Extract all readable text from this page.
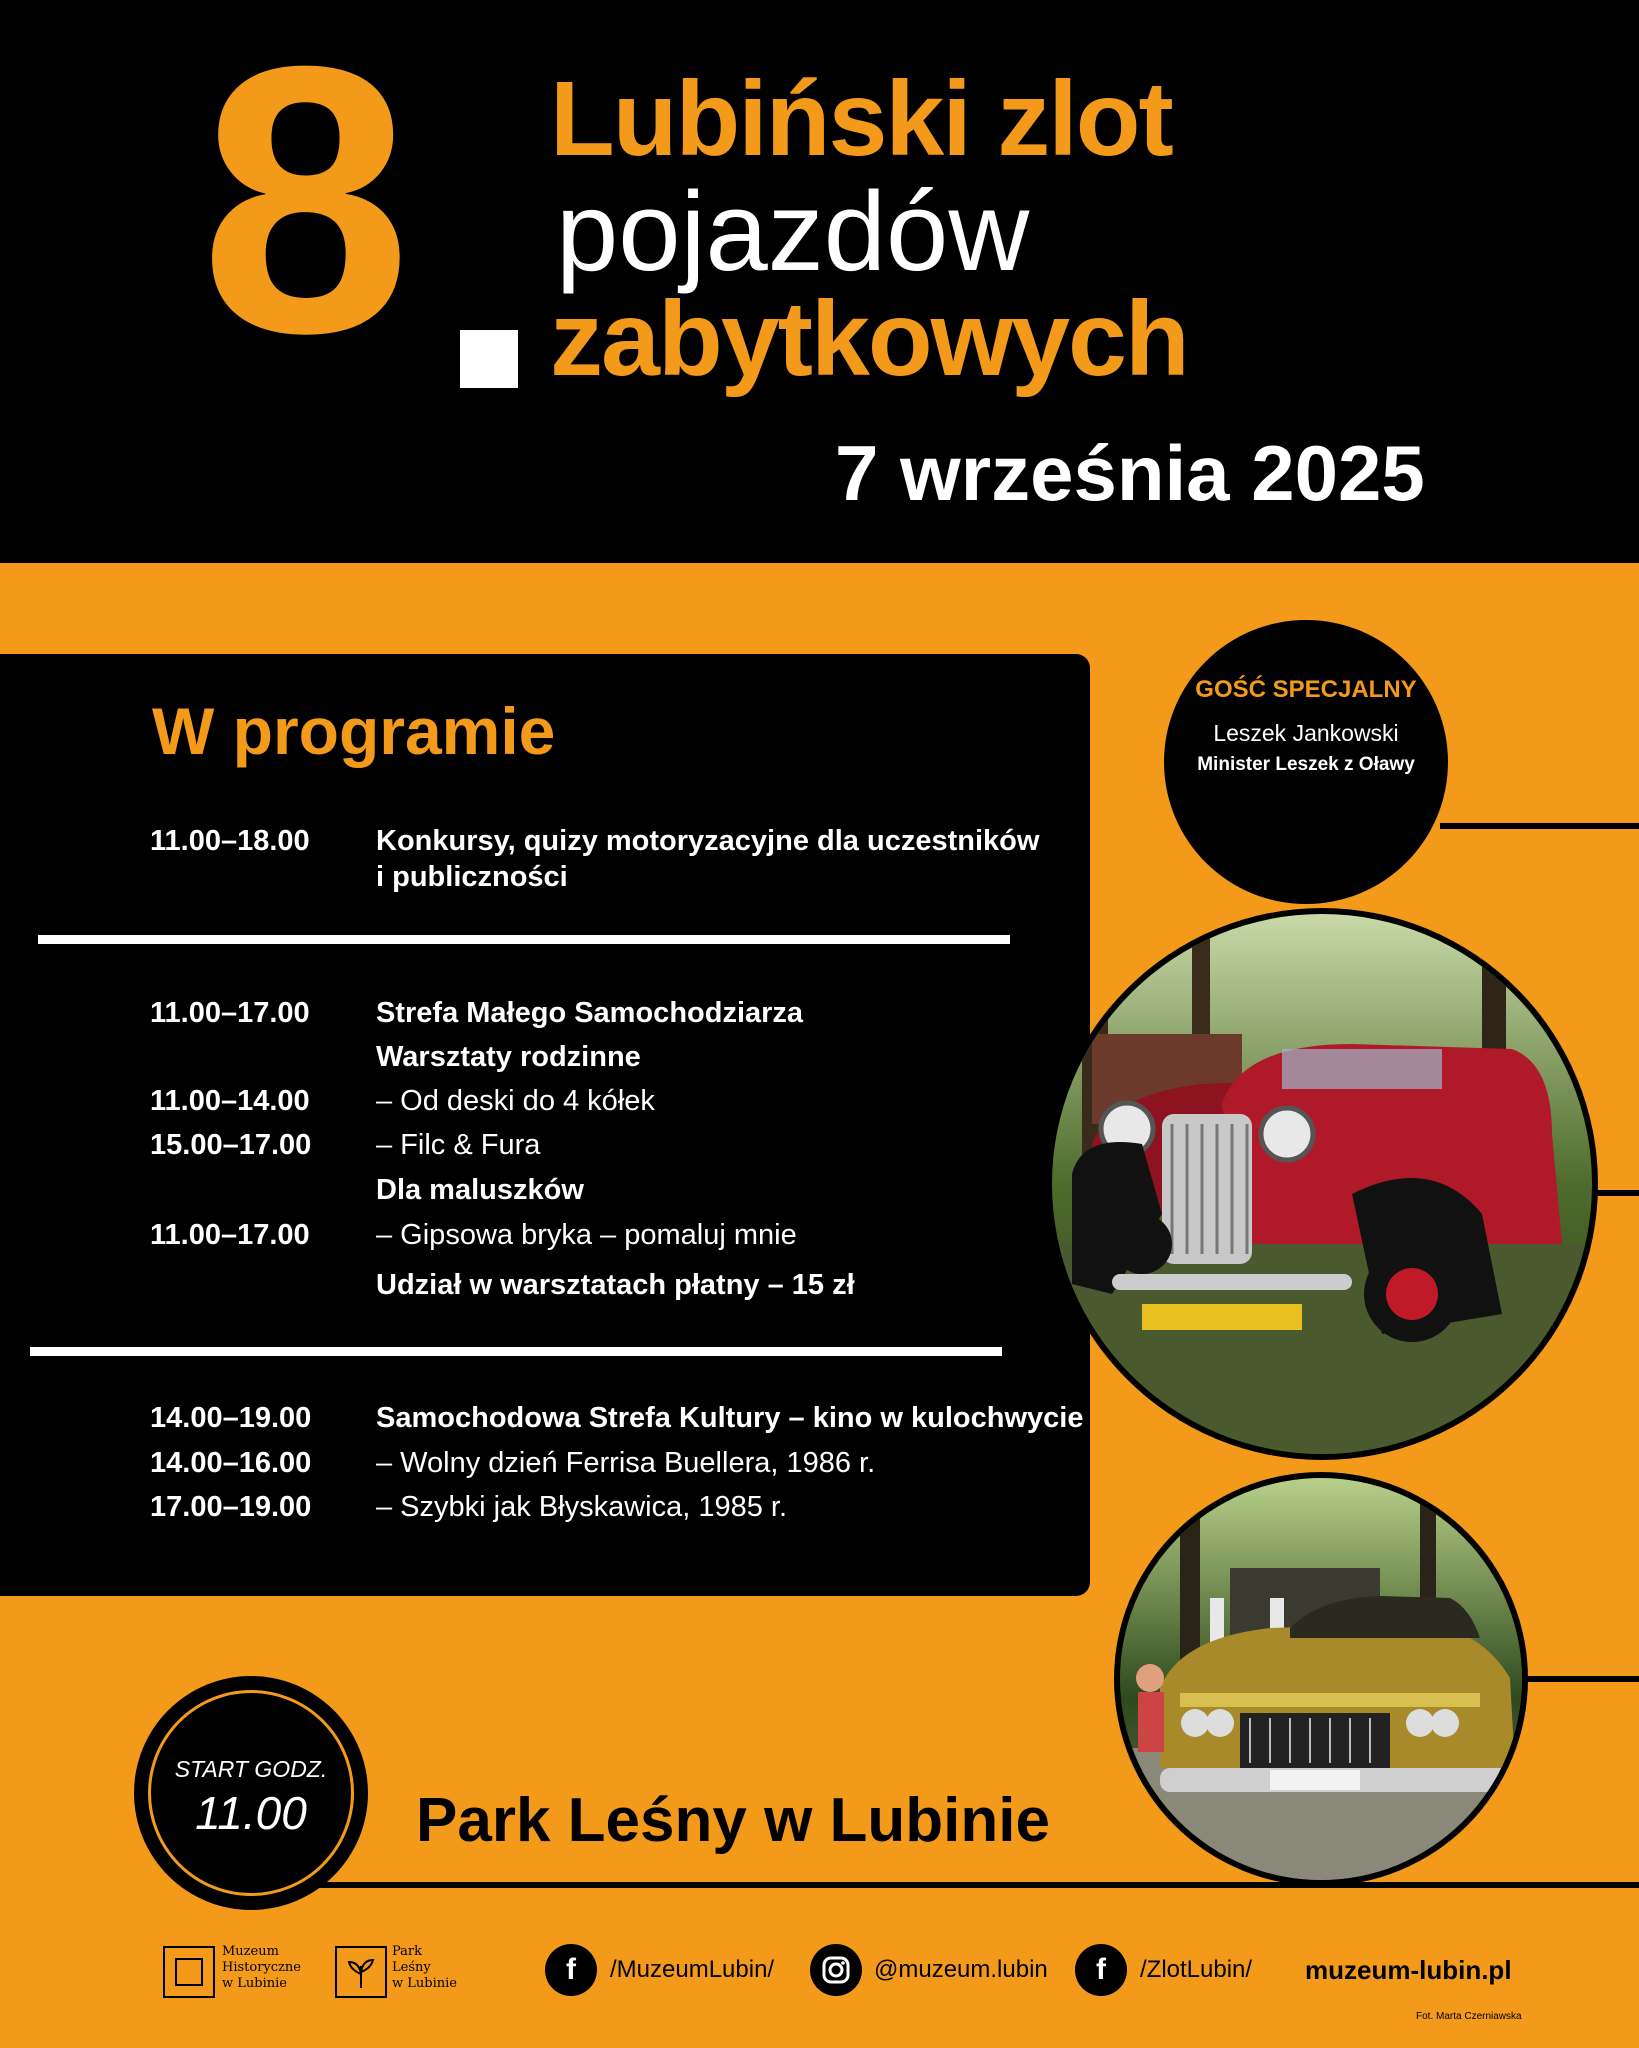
8 Lubiński zlot
pojazdów
zabytkowych
7 września 2025
W programie
11.00–18.00 Konkursy, quizy motoryzacyjne dla uczestników
i publiczności
11.00–17.00 Strefa Małego Samochodziarza
Warsztaty rodzinne
11.00–14.00 – Od deski do 4 kółek
15.00–17.00 – Filc & Fura
Dla maluszków
11.00–17.00 – Gipsowa bryka – pomaluj mnie
Udział w warsztatach płatny – 15 zł
14.00–19.00 Samochodowa Strefa Kultury – kino w kulochwycie
14.00–16.00 – Wolny dzień Ferrisa Buellera, 1986 r.
17.00–19.00 – Szybki jak Błyskawica, 1985 r.
GOŚĆ SPECJALNY
Leszek Jankowski
Minister Leszek z Oławy
START GODZ.
11.00	Park Leśny w Lubinie
Muzeum
Historyczne
w Lubinie
Park
Leśny
w Lubinie	f	/MuzeumLubin/	@muzeum.lubin	f	/ZlotLubin/ muzeum-lubin.pl
Fot. Marta Czerniawska
